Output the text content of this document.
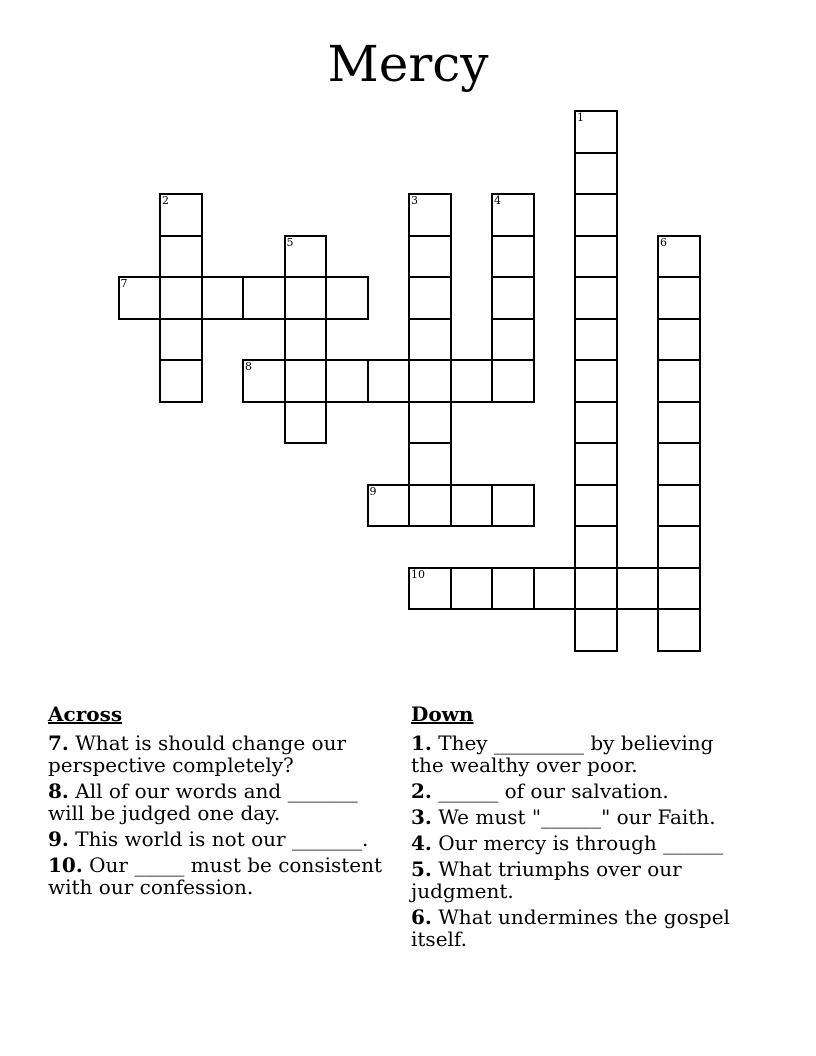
Mercy
1
2	3	4
5	6
7
8
9
10
Across
7. What is should change our perspective completely?
8. All of our words and _______ will be judged one day.
9. This world is not our _______.
10. Our _____ must be consistent with our confession.
Down
1. They _________ by believing the wealthy over poor.
2. ______ of our salvation.
3. We must "______" our Faith.
4. Our mercy is through ______
5. What triumphs over our judgment.
6. What undermines the gospel itself.
